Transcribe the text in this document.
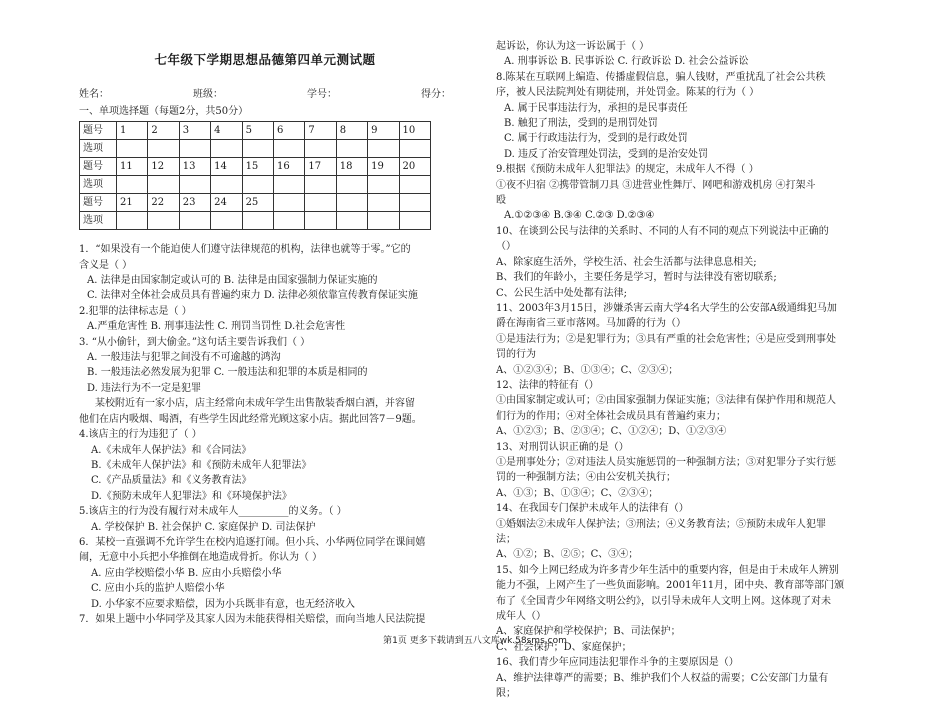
七年级下学期思想品德第四单元测试题
姓名：	班级：	学号：	得分：
一、单项选择题（每题2分，共50分）
题号	1	2	3	4	5	6	7	8	9	10
选项										
题号	11	12	13	14	15	16	17	18	19	20
选项										
题号	21	22	23	24	25					
选项										
1．“如果没有一个能迫使人们遵守法律规范的机构，法律也就等于零。”它的
含义是（ ）
A. 法律是由国家制定或认可的 B. 法律是由国家强制力保证实施的
C. 法律对全体社会成员具有普遍约束力 D. 法律必须依靠宣传教育保证实施
2.犯罪的法律标志是（ ）
A.严重危害性 B. 刑事违法性 C. 刑罚当罚性 D.社会危害性
3. “从小偷针，到大偷金。”这句话主要告诉我们（ ）
A. 一般违法与犯罪之间没有不可逾越的鸿沟
B. 一般违法必然发展为犯罪 C. 一般违法和犯罪的本质是相同的
D. 违法行为不一定是犯罪
某校附近有一家小店，店主经常向未成年学生出售散装香烟白酒，并容留
他们在店内吸烟、喝酒，有些学生因此经常光顾这家小店。据此回答7－9题。
4.该店主的行为违犯了（ ）
A.《未成年人保护法》和《合同法》
B.《未成年人保护法》和《预防未成年人犯罪法》
C.《产品质量法》和《义务教育法》
D.《预防未成年人犯罪法》和《环境保护法》
5.该店主的行为没有履行对未成年人__________的义务。（ ）
A. 学校保护 B. 社会保护 C. 家庭保护 D. 司法保护
6．某校一直强调不允许学生在校内追逐打闹。但小兵、小华两位同学在课间嬉
闹，无意中小兵把小华推倒在地造成骨折。你认为（ ）
A. 应由学校赔偿小华 B. 应由小兵赔偿小华
C. 应由小兵的监护人赔偿小华
D. 小华家不应要求赔偿，因为小兵既非有意，也无经济收入
7．如果上题中小华同学及其家人因为未能获得相关赔偿，而向当地人民法院提
起诉讼，你认为这一诉讼属于（ ）
A. 刑事诉讼 B. 民事诉讼 C. 行政诉讼 D. 社会公益诉讼
8.陈某在互联网上编造、传播虚假信息，骗人钱财，严重扰乱了社会公共秩
序，被人民法院判处有期徒刑，并处罚金。陈某的行为（ ）
A. 属于民事违法行为，承担的是民事责任
B. 触犯了刑法，受到的是刑罚处罚
C. 属于行政违法行为，受到的是行政处罚
D. 违反了治安管理处罚法，受到的是治安处罚
9.根据《预防未成年人犯罪法》的规定，未成年人不得（ ）
①夜不归宿 ②携带管制刀具 ③进营业性舞厅、网吧和游戏机房 ④打架斗
殴
A.①②③④ B.③④ C.②③ D.②③④
10、在谈到公民与法律的关系时、不同的人有不同的观点下列说法中正确的
（）
A、除家庭生活外，学校生活、社会生活都与法律息息相关;
B、我们的年龄小，主要任务是学习，暂时与法律没有密切联系;
C、公民生活中处处都有法律;
11、2003年3月15日，涉嫌杀害云南大学4名大学生的公安部A级通缉犯马加
爵在海南省三亚市落网。马加爵的行为（）
①是违法行为；②是犯罪行为；③具有严重的社会危害性；④是应受到刑事处
罚的行为
A、①②③④；B、①③④；C、②③④；
12、法律的特征有（）
①由国家制定或认可；②由国家强制力保证实施；③法律有保护作用和规范人
们行为的作用；④对全体社会成员具有普遍约束力；
A、①②③；B、②③④；C、①②④；D、①②③④
13、对刑罚认识正确的是（）
①是刑事处分；②对违法人员实施惩罚的一种强制方法；③对犯罪分子实行惩
罚的一种强制方法；④由公安机关执行；
A、①③；B、①③④；C、②③④；
14、在我国专门保护未成年人的法律有（）
①婚姻法②未成年人保护法；③刑法；④义务教育法；⑤预防未成年人犯罪
法；
A、①②；B、②⑤；C、③④；
15、如今上网已经成为许多青少年生活中的重要内容，但是由于未成年人辨别
能力不强，上网产生了一些负面影响。2001年11月，团中央、教育部等部门颁
布了《全国青少年网络文明公约》，以引导未成年人文明上网。这体现了对未
成年人（）
A、家庭保护和学校保护；B、司法保护；
C、社会保护；D、家庭保护；
16、我们青少年应同违法犯罪作斗争的主要原因是（）
A、维护法律尊严的需要；B、维护我们个人权益的需要；C公安部门力量有
限；
第1页 更多下载请到五八文库wk.58sms.com
